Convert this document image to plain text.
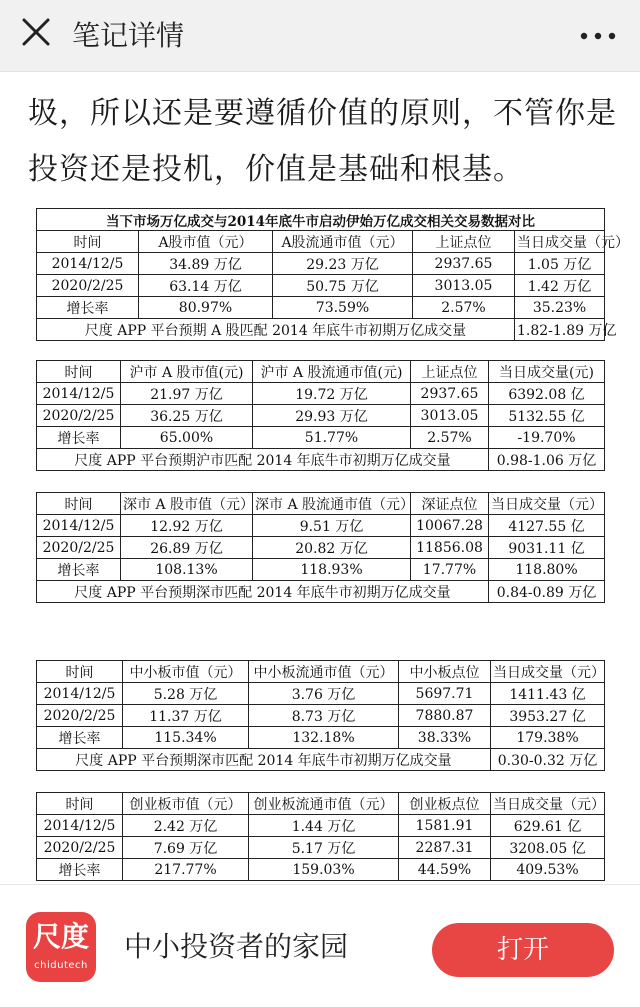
笔记详情
圾，所以还是要遵循价值的原则，不管你是投资还是投机，价值是基础和根基。
当下市场万亿成交与2014年底牛市启动伊始万亿成交相关交易数据对比				
时间	A股市值（元）	A股流通市值（元）	上证点位	当日成交量（元）
2014/12/5	34.89 万亿	29.23 万亿	2937.65	1.05 万亿
2020/2/25	63.14 万亿	50.75 万亿	3013.05	1.42 万亿
增长率	80.97%	73.59%	2.57%	35.23%
尺度 APP 平台预期 A 股匹配 2014 年底牛市初期万亿成交量				1.82-1.89 万亿
时间	沪市 A 股市值(元)	沪市 A 股流通市值(元)	上证点位	当日成交量(元)
2014/12/5	21.97 万亿	19.72 万亿	2937.65	6392.08 亿
2020/2/25	36.25 万亿	29.93 万亿	3013.05	5132.55 亿
增长率	65.00%	51.77%	2.57%	-19.70%
尺度 APP 平台预期沪市匹配 2014 年底牛市初期万亿成交量				0.98-1.06 万亿
时间	深市 A 股市值（元）	深市 A 股流通市值（元）	深证点位	当日成交量（元）
2014/12/5	12.92 万亿	9.51 万亿	10067.28	4127.55 亿
2020/2/25	26.89 万亿	20.82 万亿	11856.08	9031.11 亿
增长率	108.13%	118.93%	17.77%	118.80%
尺度 APP 平台预期深市匹配 2014 年底牛市初期万亿成交量				0.84-0.89 万亿
时间	中小板市值（元）	中小板流通市值（元）	中小板点位	当日成交量（元）
2014/12/5	5.28 万亿	3.76 万亿	5697.71	1411.43 亿
2020/2/25	11.37 万亿	8.73 万亿	7880.87	3953.27 亿
增长率	115.34%	132.18%	38.33%	179.38%
尺度 APP 平台预期深市匹配 2014 年底牛市初期万亿成交量				0.30-0.32 万亿
时间	创业板市值（元）	创业板流通市值（元）	创业板点位	当日成交量（元）
2014/12/5	2.42 万亿	1.44 万亿	1581.91	629.61 亿
2020/2/25	7.69 万亿	5.17 万亿	2287.31	3208.05 亿
增长率	217.77%	159.03%	44.59%	409.53%
尺度
chidutech
中小投资者的家园	打开
